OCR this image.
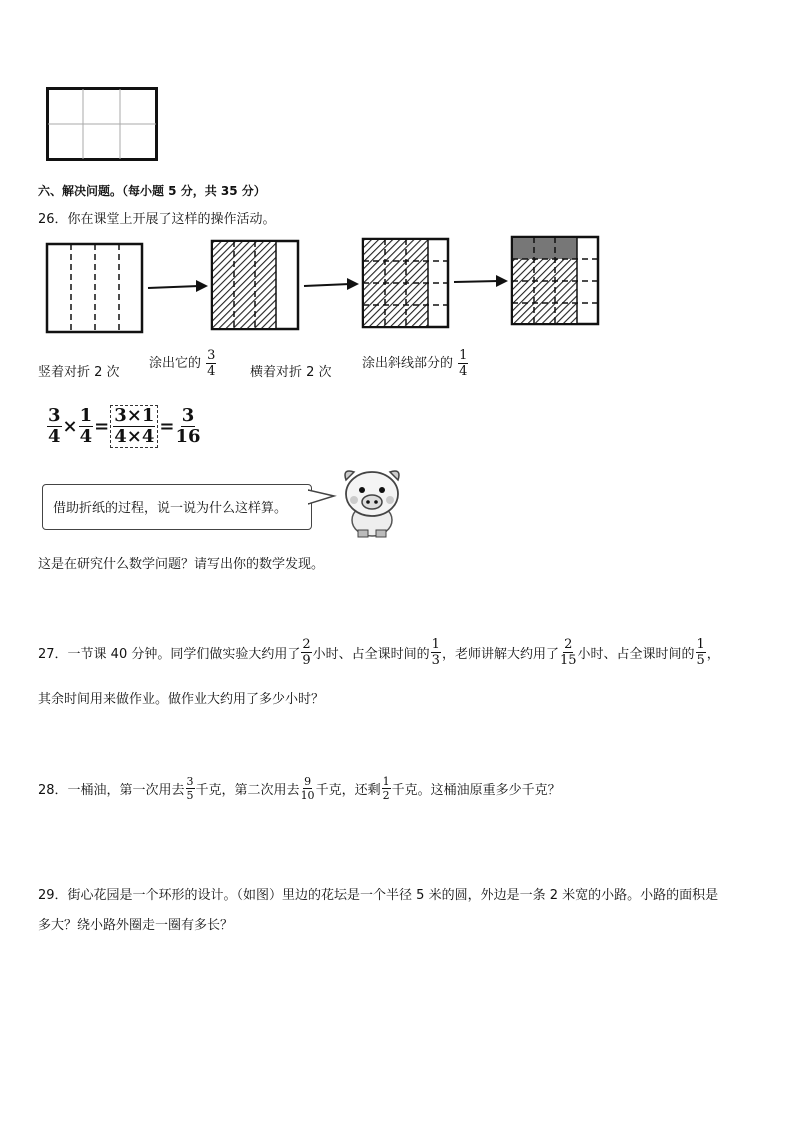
六、解决问题。（每小题 5 分，共 35 分）
26．你在课堂上开展了这样的操作活动。
竖着对折 2 次
涂出它的 $\frac{3}{4}$	横着对折 2 次
涂出斜线部分的 $\frac{1}{4}$
$\frac{3}{4} \times \frac{1}{4} = \frac{3\times 1}{4\times 4} = \frac{3}{16}$
借助折纸的过程，说一说为什么这样算。
这是在研究什么数学问题？请写出你的数学发现。
27．一节课 40 分钟。同学们做实验大约用了 $\frac{2}{9}$ 小时、占全课时间的 $\frac{1}{3}$ ，老师讲解大约用了 $\frac{2}{15}$ 小时、占全课时间的 $\frac{1}{5}$ ，
其余时间用来做作业。做作业大约用了多少小时？
28．一桶油，第一次用去 $\frac{3}{5}$ 千克，第二次用去 $\frac{9}{10}$ 千克，还剩 $\frac{1}{2}$ 千克。这桶油原重多少千克？
29．街心花园是一个环形的设计。（如图）里边的花坛是一个半径 5 米的圆，外边是一条 2 米宽的小路。小路的面积是
多大？绕小路外圈走一圈有多长？
